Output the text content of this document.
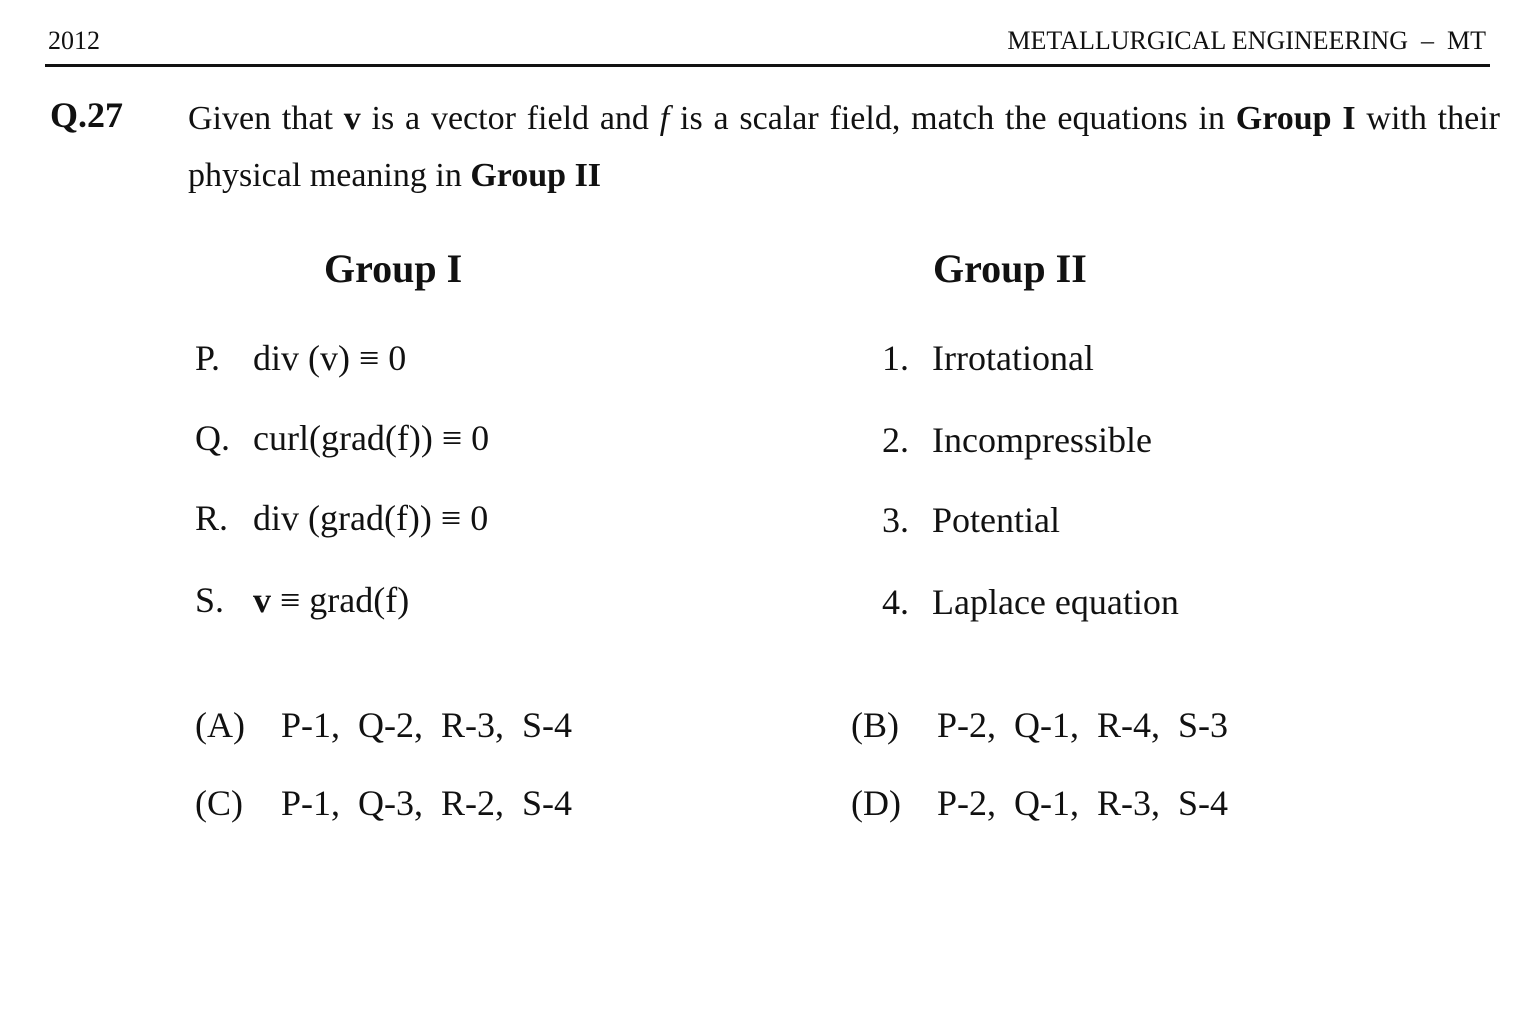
2012	METALLURGICAL ENGINEERING  –  MT
Q.27 Given that v is a vector field and f is a scalar field, match the equations in Group I with their physical meaning in Group II
Group I	Group II
P. div (v) ≡ 0
Q. curl(grad(f)) ≡ 0
R. div (grad(f)) ≡ 0
S. v ≡ grad(f)
1. Irrotational
2. Incompressible
3. Potential
4. Laplace equation
(A) P-1,  Q-2,  R-3,  S-4	(B) P-2,  Q-1,  R-4,  S-3
(C) P-1,  Q-3,  R-2,  S-4	(D) P-2,  Q-1,  R-3,  S-4
